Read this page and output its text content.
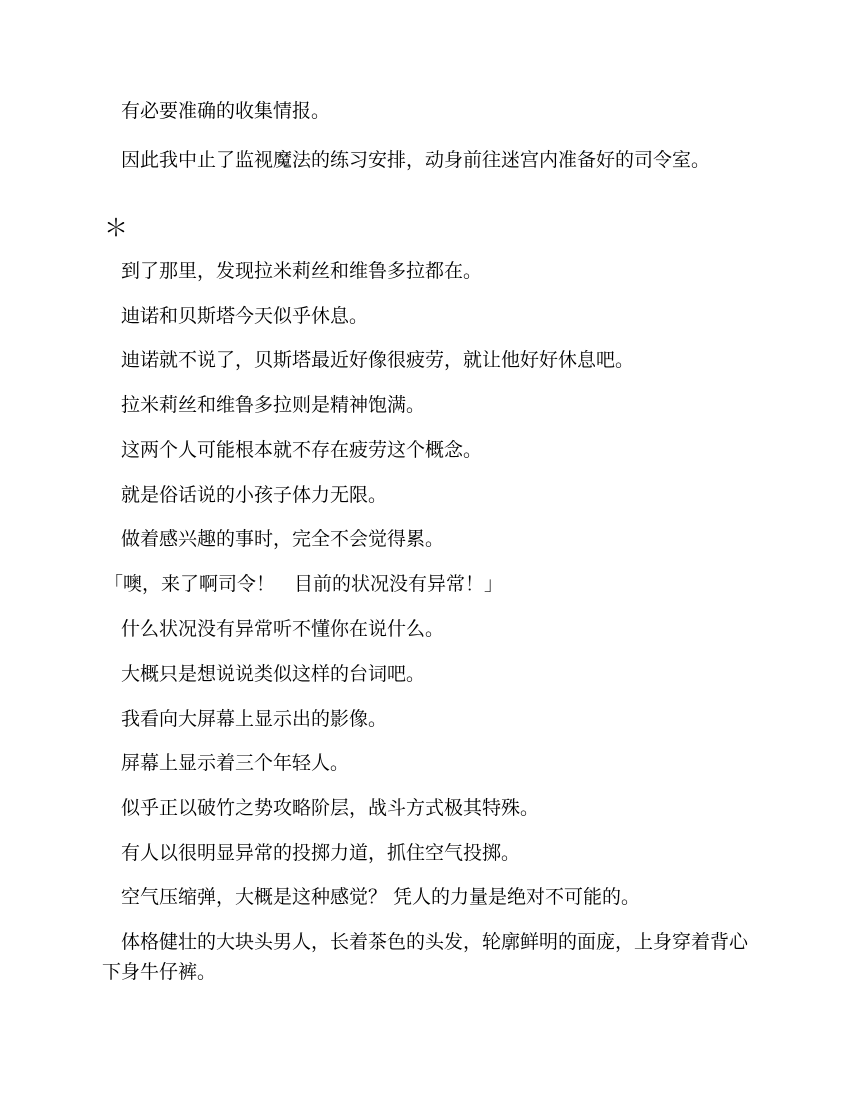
有必要准确的收集情报。

因此我中止了监视魔法的练习安排，动身前往迷宫内准备好的司令室。

＊

到了那里，发现拉米莉丝和维鲁多拉都在。

迪诺和贝斯塔今天似乎休息。

迪诺就不说了，贝斯塔最近好像很疲劳，就让他好好休息吧。

拉米莉丝和维鲁多拉则是精神饱满。

这两个人可能根本就不存在疲劳这个概念。

就是俗话说的小孩子体力无限。

做着感兴趣的事时，完全不会觉得累。

「噢，来了啊司令！　目前的状况没有异常！」

什么状况没有异常听不懂你在说什么。

大概只是想说说类似这样的台词吧。

我看向大屏幕上显示出的影像。

屏幕上显示着三个年轻人。

似乎正以破竹之势攻略阶层，战斗方式极其特殊。

有人以很明显异常的投掷力道，抓住空气投掷。

空气压缩弹，大概是这种感觉？ 凭人的力量是绝对不可能的。

体格健壮的大块头男人，长着茶色的头发，轮廓鲜明的面庞，上身穿着背心下身牛仔裤。
